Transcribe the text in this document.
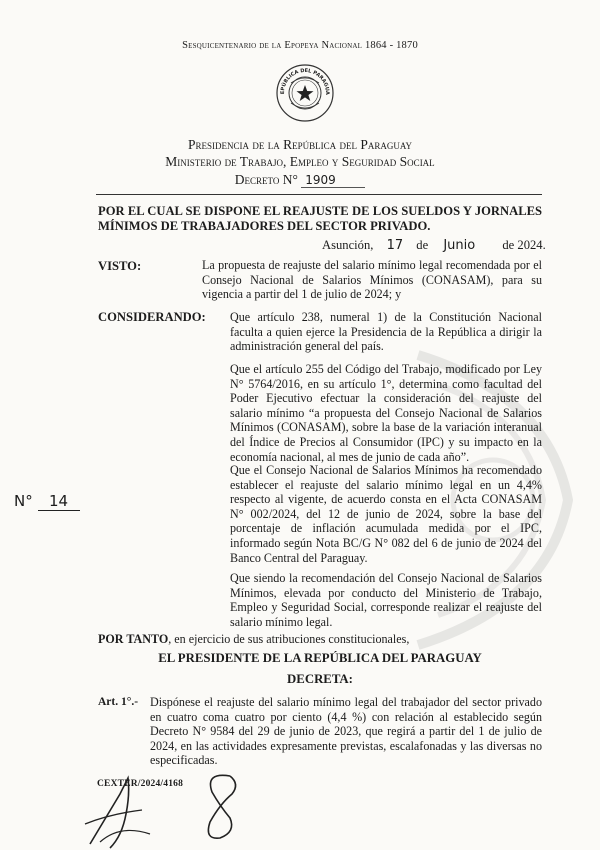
Sesquicentenario de la Epopeya Nacional 1864 - 1870
EPÚBLICA DEL PARAGUA
Presidencia de la República del Paraguay
Ministerio de Trabajo, Empleo y Seguridad Social
Decreto N° 1909
POR EL CUAL SE DISPONE EL REAJUSTE DE LOS SUELDOS Y JORNALES MÍNIMOS DE TRABAJADORES DEL SECTOR PRIVADO.
Asunción, 17 de Junio de 2024.
VISTO:	La propuesta de reajuste del salario mínimo legal recomendada por el Consejo Nacional de Salarios Mínimos (CONASAM), para su vigencia a partir del 1 de julio de 2024; y
CONSIDERANDO: Que artículo 238, numeral 1) de la Constitución Nacional faculta a quien ejerce la Presidencia de la República a dirigir la administración general del país.
Que el artículo 255 del Código del Trabajo, modificado por Ley N° 5764/2016, en su artículo 1°, determina como facultad del Poder Ejecutivo efectuar la consideración del reajuste del salario mínimo “a propuesta del Consejo Nacional de Salarios Mínimos (CONASAM), sobre la base de la variación interanual del Índice de Precios al Consumidor (IPC) y su impacto en la economía nacional, al mes de junio de cada año”.
Que el Consejo Nacional de Salarios Mínimos ha recomendado establecer el reajuste del salario mínimo legal en un 4,4% respecto al vigente, de acuerdo consta en el Acta CONASAM N° 002/2024, del 12 de junio de 2024, sobre la base del porcentaje de inflación acumulada medida por el IPC, informado según Nota BC/G N° 082 del 6 de junio de 2024 del Banco Central del Paraguay.
Que siendo la recomendación del Consejo Nacional de Salarios Mínimos, elevada por conducto del Ministerio de Trabajo, Empleo y Seguridad Social, corresponde realizar el reajuste del salario mínimo legal.
N° 14
POR TANTO, en ejercicio de sus atribuciones constitucionales,
EL PRESIDENTE DE LA REPÚBLICA DEL PARAGUAY
DECRETA:
Art. 1°.- Dispónese el reajuste del salario mínimo legal del trabajador del sector privado en cuatro coma cuatro por ciento (4,4 %) con relación al establecido según Decreto N° 9584 del 29 de junio de 2023, que regirá a partir del 1 de julio de 2024, en las actividades expresamente previstas, escalafonadas y las diversas no especificadas.
CEXTER/2024/4168
